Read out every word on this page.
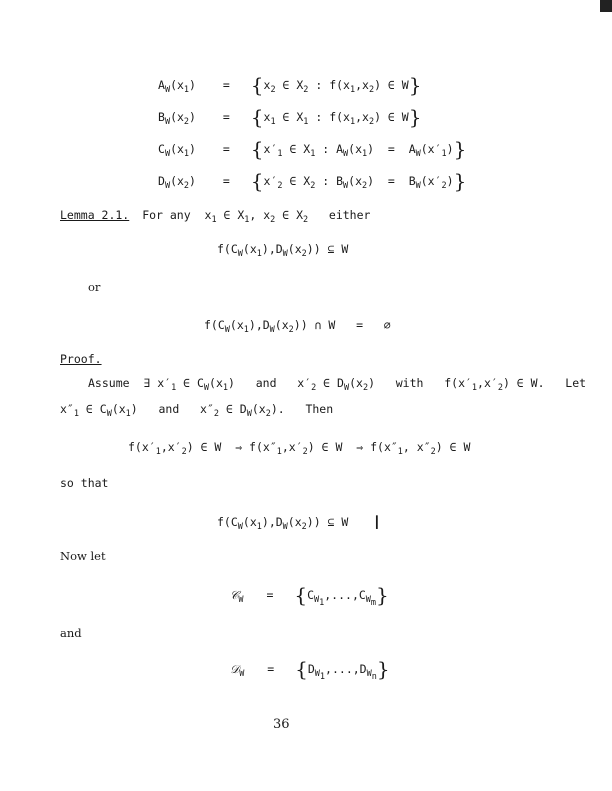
$A_W(x_1) = \{x_2$ ∈ $X_2$ : $f(x_1,x_2)$ ∈ W}
$B_W(x_2) = \{x_1$ ∈ $X_1$ : $f(x_1,x_2)$ ∈ W}
$C_W(x_1) = \{x'_1$ ∈ $X_1$ : $A_W(x_1) = A_W(x'_1)$}
$D_W(x_2) = \{x'_2$ ∈ $X_2$ : $B_W(x_2) = B_W(x'_2)$}
Lemma 2.1. For any  $x_1$ ∈ $X_1$, $x_2$ ∈ $X_2$   either
$f(C_W(x_1),D_W(x_2))$ ⊆ W
or
$f(C_W(x_1),D_W(x_2))$ ∩ W   =   ∅
Proof.
Assume  ∃ $x'_1$ ∈ $C_W(x_1)$   and   $x'_2$ ∈ $D_W(x_2)$   with   $f(x'_1,x'_2)$ ∈ W.   Let
$x''_1$ ∈ $C_W(x_1)$   and   $x''_2$ ∈ $D_W(x_2)$.   Then
$f(x'_1,x'_2)$ ∈ W  ⇒ $f(x''_1,x'_2)$ ∈ W  ⇒ $f(x''_1$, $x''_2$) ∈ W
so that
$f(C_W(x_1),D_W(x_2))$ ⊆ W    ▎
Now let
𝒞$_W$ = $\{C_{W_1},...,C_{W_m}\}$
and
𝒟$_W$ = $\{D_{W_1},...,D_{W_n}\}$
36
